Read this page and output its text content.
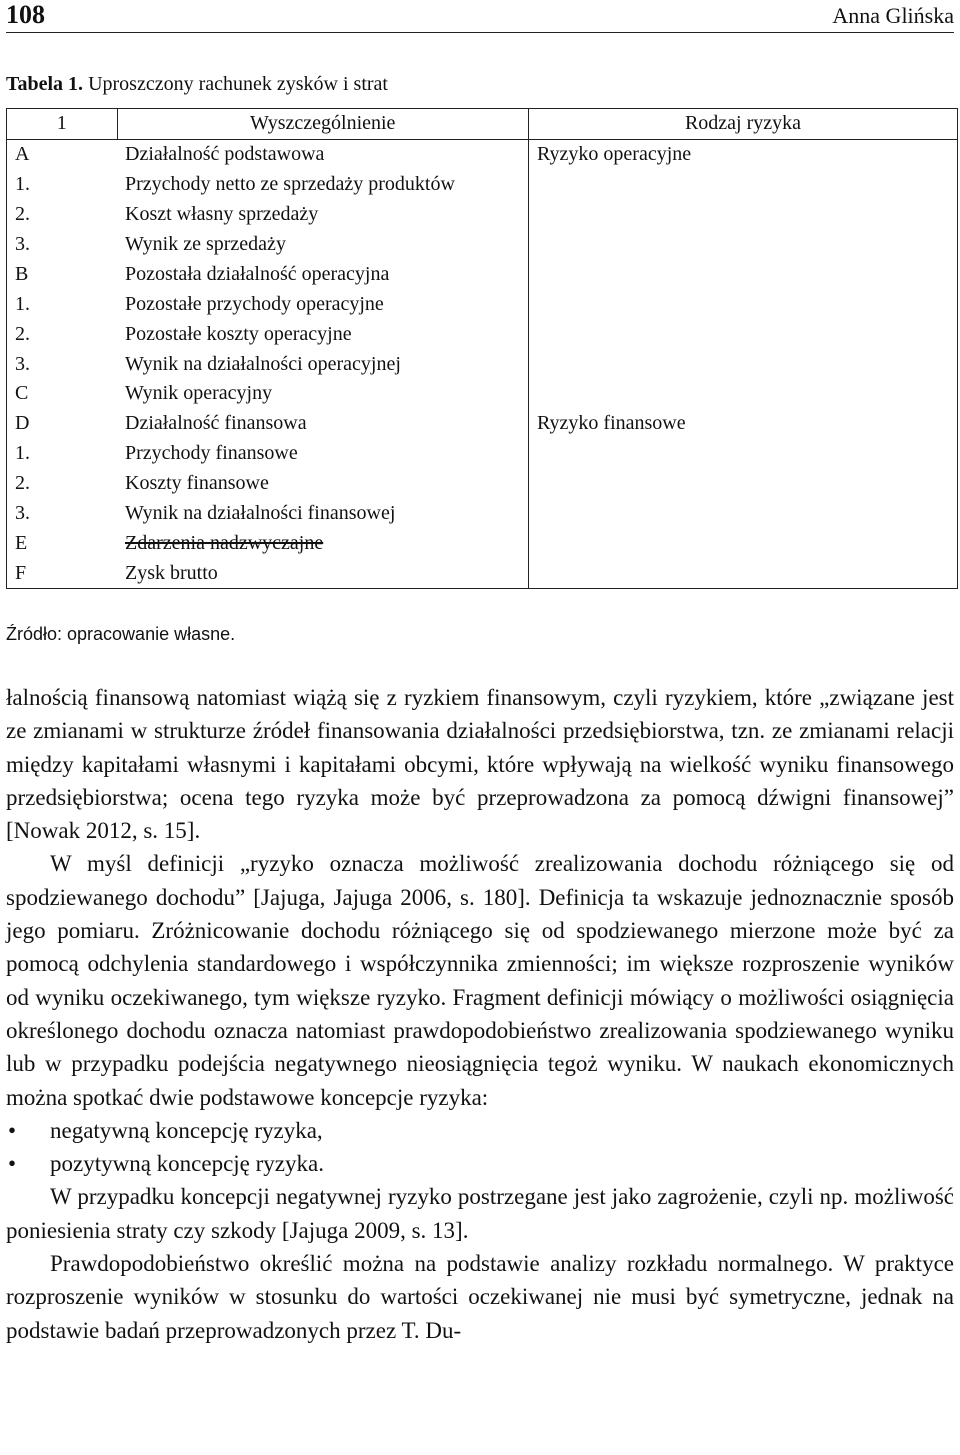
108	Anna Glińska
Tabela 1. Uproszczony rachunek zysków i strat
1	Wyszczególnienie	Rodzaj ryzyka
A	Działalność podstawowa	Ryzyko operacyjne
1.	Przychody netto ze sprzedaży produktów	
2.	Koszt własny sprzedaży	
3.	Wynik ze sprzedaży	
B	Pozostała działalność operacyjna	
1.	Pozostałe przychody operacyjne	
2.	Pozostałe koszty operacyjne	
3.	Wynik na działalności operacyjnej	
C	Wynik operacyjny	
D	Działalność finansowa	Ryzyko finansowe
1.	Przychody finansowe	
2.	Koszty finansowe	
3.	Wynik na działalności finansowej	
E	Zdarzenia nadzwyczajne	
F	Zysk brutto	
Źródło: opracowanie własne.

łalnością finansową natomiast wiążą się z ryzkiem finansowym, czyli ryzykiem, które „związane jest ze zmianami w strukturze źródeł finansowania działalności przedsiębiorstwa, tzn. ze zmianami relacji między kapitałami własnymi i kapitałami obcymi, które wpływają na wielkość wyniku finansowego przedsiębiorstwa; ocena tego ryzyka może być przeprowadzona za pomocą dźwigni finansowej” [Nowak 2012, s. 15].

W myśl definicji „ryzyko oznacza możliwość zrealizowania dochodu różniącego się od spodziewanego dochodu” [Jajuga, Jajuga 2006, s. 180]. Definicja ta wskazuje jednoznacznie sposób jego pomiaru. Zróżnicowanie dochodu różniącego się od spodziewanego mierzone może być za pomocą odchylenia standardowego i współczynnika zmienności; im większe rozproszenie wyników od wyniku oczekiwanego, tym większe ryzyko. Fragment definicji mówiący o możliwości osiągnięcia określonego dochodu oznacza natomiast prawdopodobieństwo zrealizowania spodziewanego wyniku lub w przypadku podejścia negatywnego nieosiągnięcia tegoż wyniku. W naukach ekonomicznych można spotkać dwie podstawowe koncepcje ryzyka:

• negatywną koncepcję ryzyka,
• pozytywną koncepcję ryzyka.

W przypadku koncepcji negatywnej ryzyko postrzegane jest jako zagrożenie, czyli np. możliwość poniesienia straty czy szkody [Jajuga 2009, s. 13].

Prawdopodobieństwo określić można na podstawie analizy rozkładu normalnego. W praktyce rozproszenie wyników w stosunku do wartości oczekiwanej nie musi być symetryczne, jednak na podstawie badań przeprowadzonych przez T. Du-
